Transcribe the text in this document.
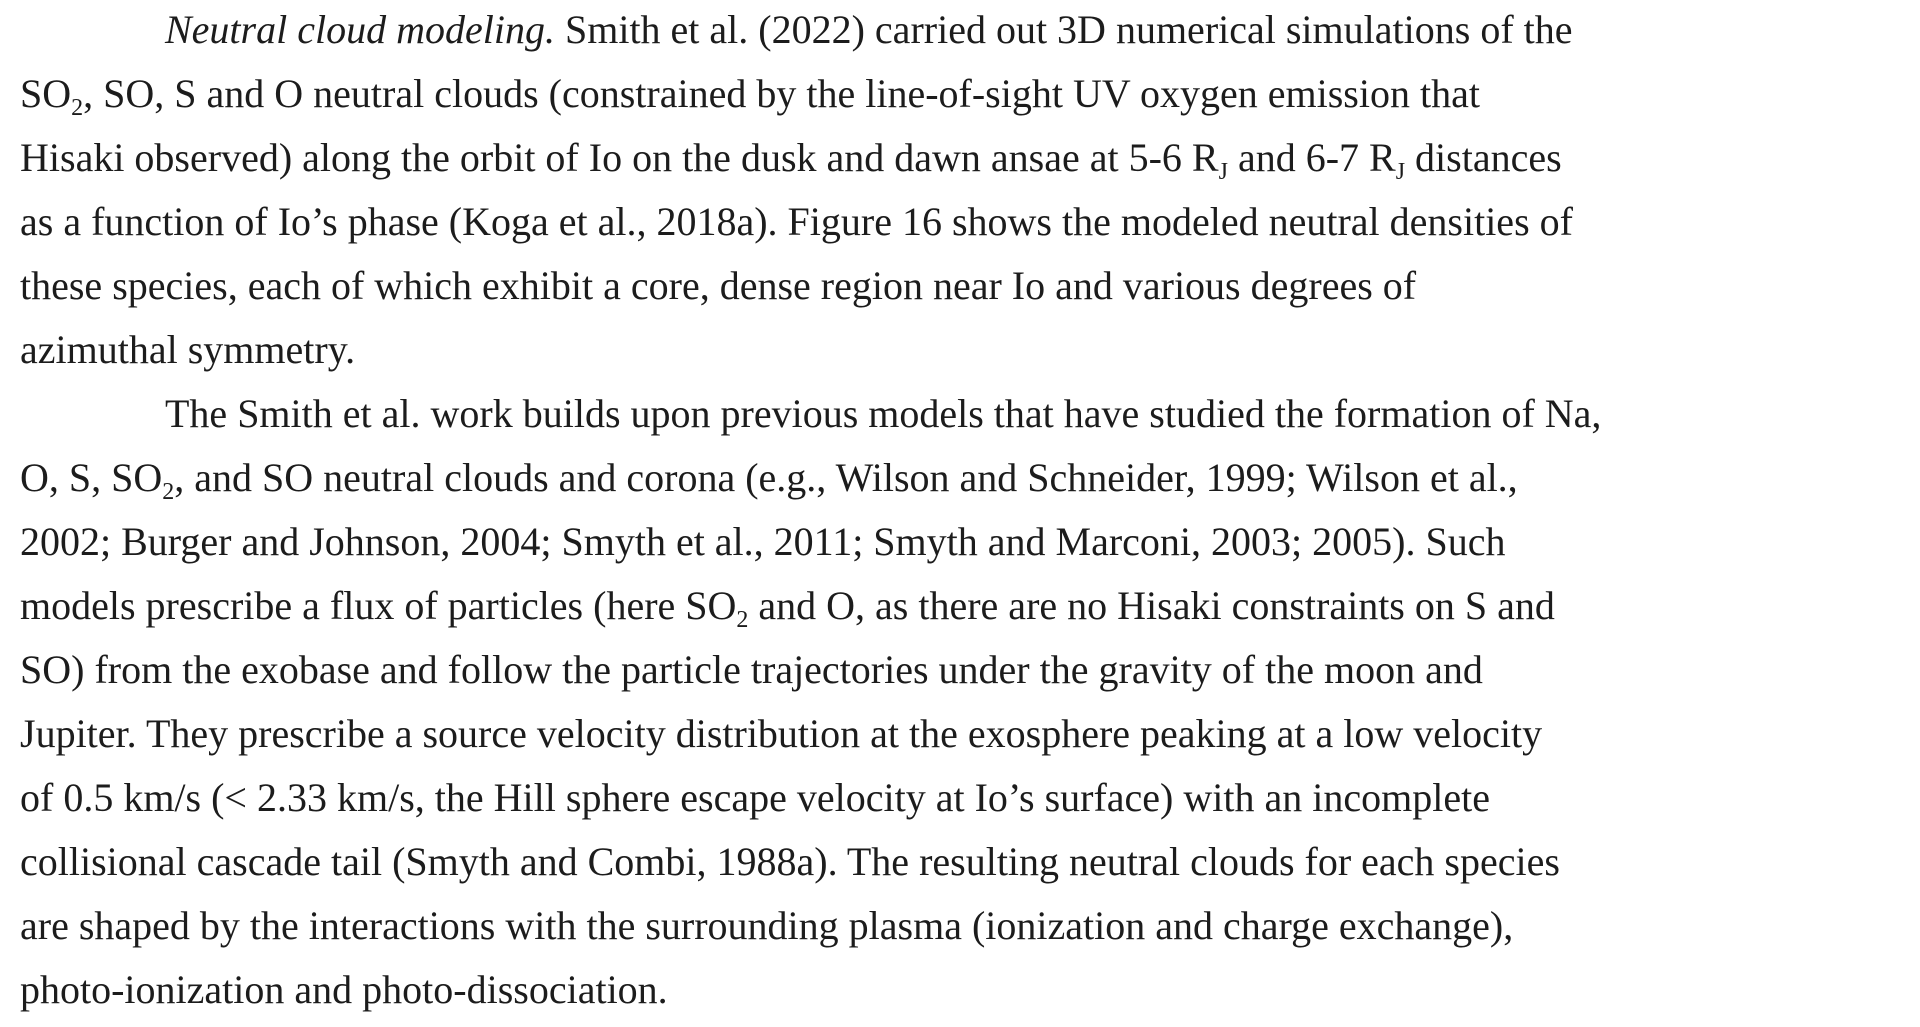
Neutral cloud modeling. Smith et al. (2022) carried out 3D numerical simulations of the
$SO_2$, SO, S and O neutral clouds (constrained by the line-of-sight UV oxygen emission that
Hisaki observed) along the orbit of Io on the dusk and dawn ansae at 5-6 $R_J$ and 6-7 $R_J$ distances
as a function of Io’s phase (Koga et al., 2018a). Figure 16 shows the modeled neutral densities of
these species, each of which exhibit a core, dense region near Io and various degrees of
azimuthal symmetry.
The Smith et al. work builds upon previous models that have studied the formation of Na,
O, S, $SO_2$, and SO neutral clouds and corona (e.g., Wilson and Schneider, 1999; Wilson et al.,
2002; Burger and Johnson, 2004; Smyth et al., 2011; Smyth and Marconi, 2003; 2005). Such
models prescribe a flux of particles (here $SO_2$ and O, as there are no Hisaki constraints on S and
SO) from the exobase and follow the particle trajectories under the gravity of the moon and
Jupiter. They prescribe a source velocity distribution at the exosphere peaking at a low velocity
of 0.5 km/s (< 2.33 km/s, the Hill sphere escape velocity at Io’s surface) with an incomplete
collisional cascade tail (Smyth and Combi, 1988a). The resulting neutral clouds for each species
are shaped by the interactions with the surrounding plasma (ionization and charge exchange),
photo-ionization and photo-dissociation.
